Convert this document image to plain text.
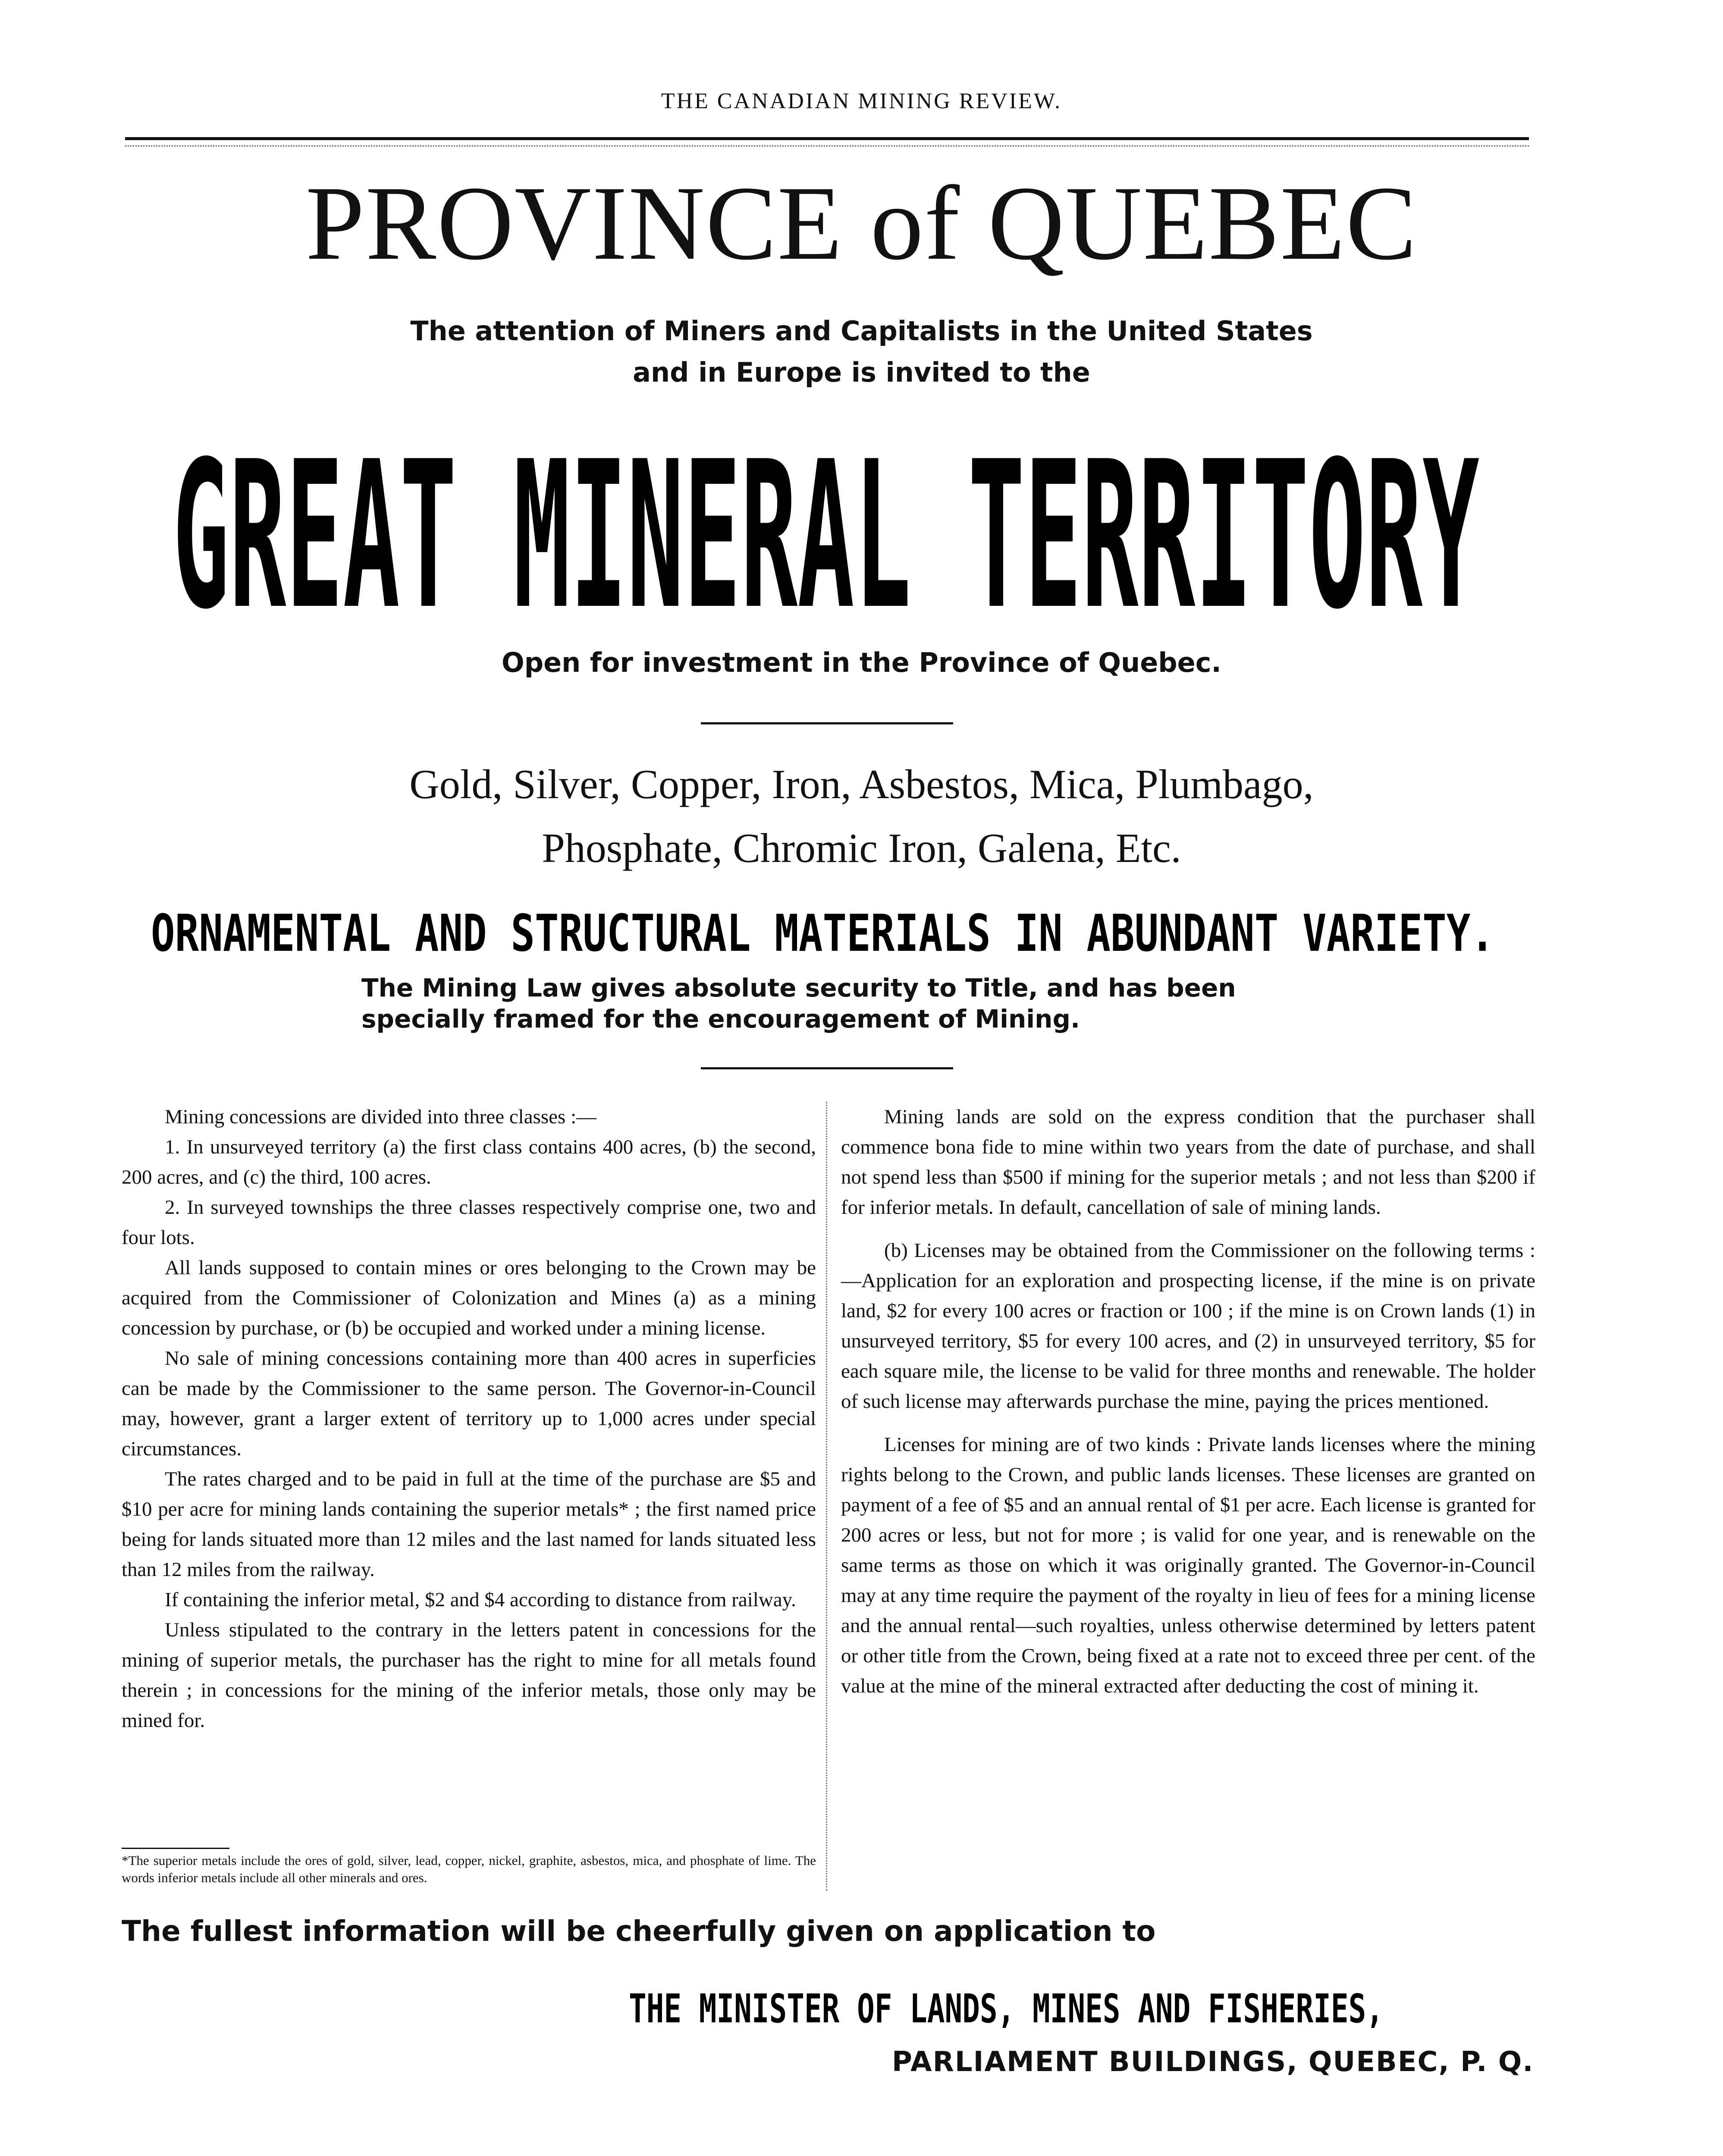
THE CANADIAN MINING REVIEW.
PROVINCE of QUEBEC
The attention of Miners and Capitalists in the United States
and in Europe is invited to the
GREAT MINERAL TERRITORY
Open for investment in the Province of Quebec.
Gold, Silver, Copper, Iron, Asbestos, Mica, Plumbago,
Phosphate, Chromic Iron, Galena, Etc.
ORNAMENTAL AND STRUCTURAL MATERIALS IN ABUNDANT VARIETY.
The Mining Law gives absolute security to Title, and has been
specially framed for the encouragement of Mining.

Mining concessions are divided into three classes :—

1. In unsurveyed territory (a) the first class contains 400 acres, (b) the second, 200 acres, and (c) the third, 100 acres.

2. In surveyed townships the three classes respectively comprise one, two and four lots.

All lands supposed to contain mines or ores belonging to the Crown may be acquired from the Commissioner of Colonization and Mines (a) as a mining concession by purchase, or (b) be occupied and worked under a mining license.

No sale of mining concessions containing more than 400 acres in superficies can be made by the Commissioner to the same person. The Governor-in-Council may, however, grant a larger extent of territory up to 1,000 acres under special circumstances.

The rates charged and to be paid in full at the time of the purchase are $5 and $10 per acre for mining lands containing the superior metals* ; the first named price being for lands situated more than 12 miles and the last named for lands situated less than 12 miles from the railway.

If containing the inferior metal, $2 and $4 according to distance from railway.

Unless stipulated to the contrary in the letters patent in concessions for the mining of superior metals, the purchaser has the right to mine for all metals found therein ; in concessions for the mining of the inferior metals, those only may be mined for.

Mining lands are sold on the express condition that the purchaser shall commence bona fide to mine within two years from the date of purchase, and shall not spend less than $500 if mining for the superior metals ; and not less than $200 if for inferior metals. In default, cancellation of sale of mining lands.

(b) Licenses may be obtained from the Commissioner on the following terms :—Application for an exploration and prospecting license, if the mine is on private land, $2 for every 100 acres or fraction or 100 ; if the mine is on Crown lands (1) in unsurveyed territory, $5 for every 100 acres, and (2) in unsurveyed territory, $5 for each square mile, the license to be valid for three months and renewable. The holder of such license may afterwards purchase the mine, paying the prices mentioned.

Licenses for mining are of two kinds : Private lands licenses where the mining rights belong to the Crown, and public lands licenses. These licenses are granted on payment of a fee of $5 and an annual rental of $1 per acre. Each license is granted for 200 acres or less, but not for more ; is valid for one year, and is renewable on the same terms as those on which it was originally granted. The Governor-in-Council may at any time require the payment of the royalty in lieu of fees for a mining license and the annual rental—such royalties, unless otherwise determined by letters patent or other title from the Crown, being fixed at a rate not to exceed three per cent. of the value at the mine of the mineral extracted after deducting the cost of mining it.

*The superior metals include the ores of gold, silver, lead, copper, nickel, graphite, asbestos, mica, and phosphate of lime. The words inferior metals include all other minerals and ores.
The fullest information will be cheerfully given on application to
THE MINISTER OF LANDS, MINES AND FISHERIES,
PARLIAMENT BUILDINGS, QUEBEC, P. Q.
